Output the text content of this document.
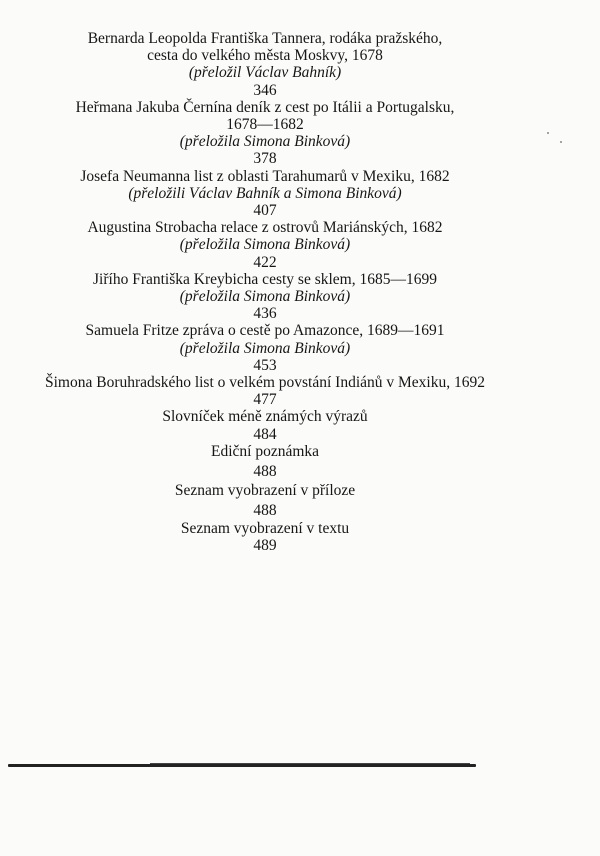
Bernarda Leopolda Františka Tannera, rodáka pražského,
cesta do velkého města Moskvy, 1678
(přeložil Václav Bahník)
346
Heřmana Jakuba Černína deník z cest po Itálii a Portugalsku,
1678—1682
(přeložila Simona Binková)
378
Josefa Neumanna list z oblasti Tarahumarů v Mexiku, 1682
(přeložili Václav Bahník a Simona Binková)
407
Augustina Strobacha relace z ostrovů Mariánských, 1682
(přeložila Simona Binková)
422
Jiřího Františka Kreybicha cesty se sklem, 1685—1699
(přeložila Simona Binková)
436
Samuela Fritze zpráva o cestě po Amazonce, 1689—1691
(přeložila Simona Binková)
453
Šimona Boruhradského list o velkém povstání Indiánů v Mexiku, 1692
477
Slovníček méně známých výrazů
484
Ediční poznámka
488
Seznam vyobrazení v příloze
488
Seznam vyobrazení v textu
489
